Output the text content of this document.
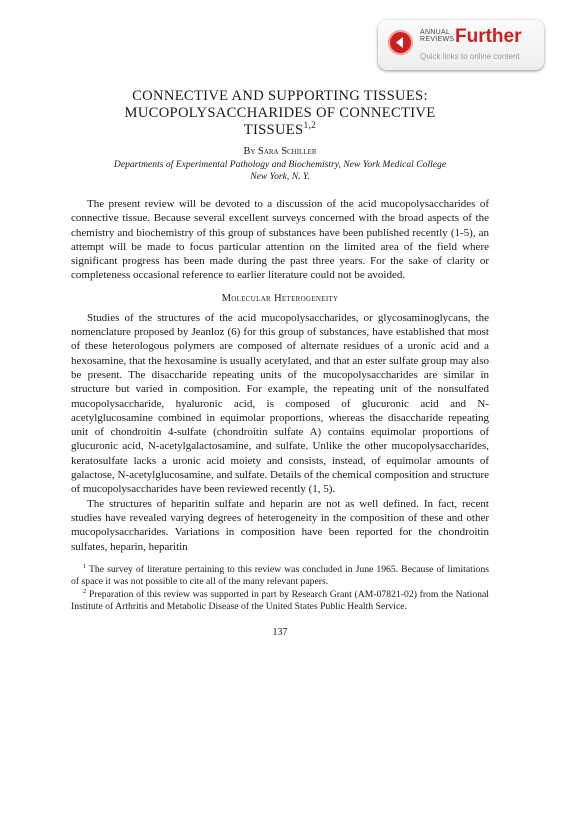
ANNUAL
REVIEWS Further
Quick links to online content

CONNECTIVE AND SUPPORTING TISSUES:
MUCOPOLYSACCHARIDES OF CONNECTIVE
TISSUES$^{1,2}$

By Sara Schiller
Departments of Experimental Pathology and Biochemistry, New York Medical College
New York, N. Y.

The present review will be devoted to a discussion of the acid mucopolysaccharides of connective tissue. Because several excellent surveys concerned with the broad aspects of the chemistry and biochemistry of this group of substances have been published recently (1-5), an attempt will be made to focus particular attention on the limited area of the field where significant progress has been made during the past three years. For the sake of clarity or completeness occasional reference to earlier literature could not be avoided.

Molecular Heterogeneity

Studies of the structures of the acid mucopolysaccharides, or glycosaminoglycans, the nomenclature proposed by Jeanloz (6) for this group of substances, have established that most of these heterologous polymers are composed of alternate residues of a uronic acid and a hexosamine, that the hexosamine is usually acetylated, and that an ester sulfate group may also be present. The disaccharide repeating units of the mucopolysaccharides are similar in structure but varied in composition. For example, the repeating unit of the nonsulfated mucopolysaccharide, hyaluronic acid, is composed of glucuronic acid and N-acetylglucosamine combined in equimolar proportions, whereas the disaccharide repeating unit of chondroitin 4-sulfate (chondroitin sulfate A) contains equimolar proportions of glucuronic acid, N-acetylgalactosamine, and sulfate. Unlike the other mucopolysaccharides, keratosulfate lacks a uronic acid moiety and consists, instead, of equimolar amounts of galactose, N-acetylglucosamine, and sulfate. Details of the chemical composition and structure of mucopolysaccharides have been reviewed recently (1, 5).

The structures of heparitin sulfate and heparin are not as well defined. In fact, recent studies have revealed varying degrees of heterogeneity in the composition of these and other mucopolysaccharides. Variations in composition have been reported for the chondroitin sulfates, heparin, heparitin

$^1$ The survey of literature pertaining to this review was concluded in June 1965. Because of limitations of space it was not possible to cite all of the many relevant papers.

$^2$ Preparation of this review was supported in part by Research Grant (AM-07821-02) from the National Institute of Arthritis and Metabolic Disease of the United States Public Health Service.

137
